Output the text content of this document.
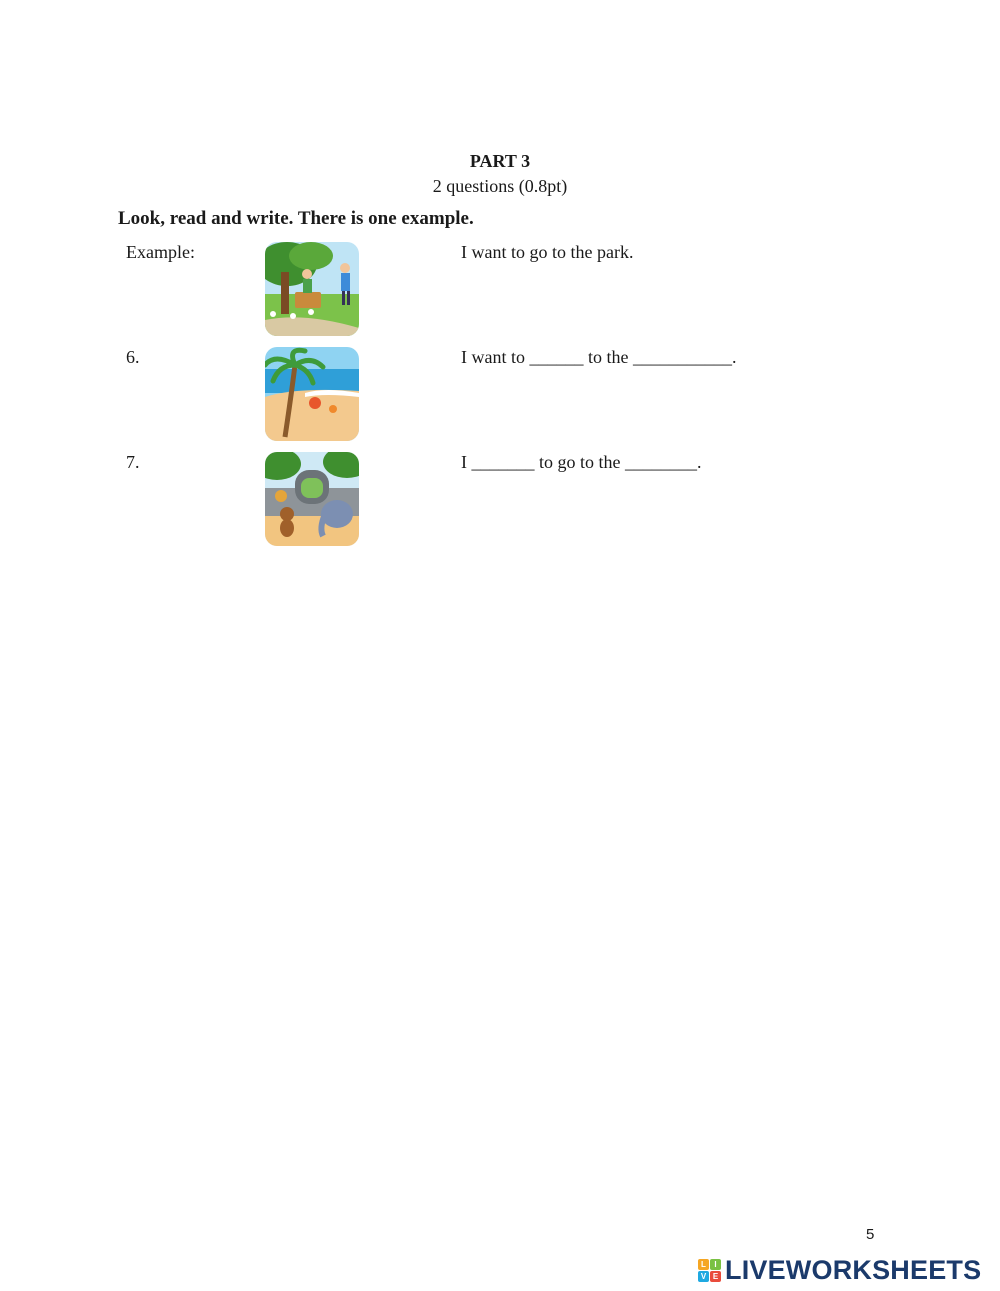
PART 3
2 questions (0.8pt)
Look, read and write. There is one example.
Example:	I want to go to the park.
6.	I want to ______ to the ___________.
7.	I _______ to go to the ________.
5
L	I
V E LIVEWORKSHEETS
